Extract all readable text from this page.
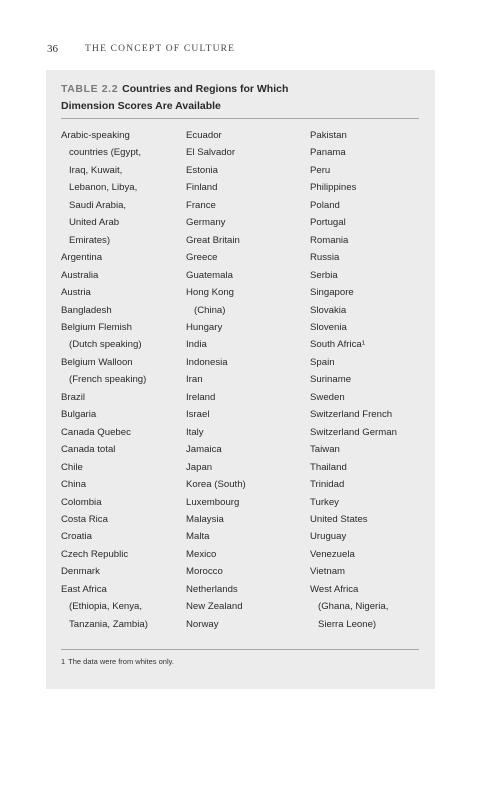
36	THE CONCEPT OF CULTURE
TABLE 2.2 Countries and Regions for Which
Dimension Scores Are Available
Arabic-speaking
countries (Egypt,
Iraq, Kuwait,
Lebanon, Libya,
Saudi Arabia,
United Arab
Emirates)
Argentina
Australia
Austria
Bangladesh
Belgium Flemish
(Dutch speaking)
Belgium Walloon
(French speaking)
Brazil
Bulgaria
Canada Quebec
Canada total
Chile
China
Colombia
Costa Rica
Croatia
Czech Republic
Denmark
East Africa
(Ethiopia, Kenya,
Tanzania, Zambia)
Ecuador
El Salvador
Estonia
Finland
France
Germany
Great Britain
Greece
Guatemala
Hong Kong
(China)
Hungary
India
Indonesia
Iran
Ireland
Israel
Italy
Jamaica
Japan
Korea (South)
Luxembourg
Malaysia
Malta
Mexico
Morocco
Netherlands
New Zealand
Norway
Pakistan
Panama
Peru
Philippines
Poland
Portugal
Romania
Russia
Serbia
Singapore
Slovakia
Slovenia
South Africa¹
Spain
Suriname
Sweden
Switzerland French
Switzerland German
Taiwan
Thailand
Trinidad
Turkey
United States
Uruguay
Venezuela
Vietnam
West Africa
(Ghana, Nigeria,
Sierra Leone)
1 The data were from whites only.
